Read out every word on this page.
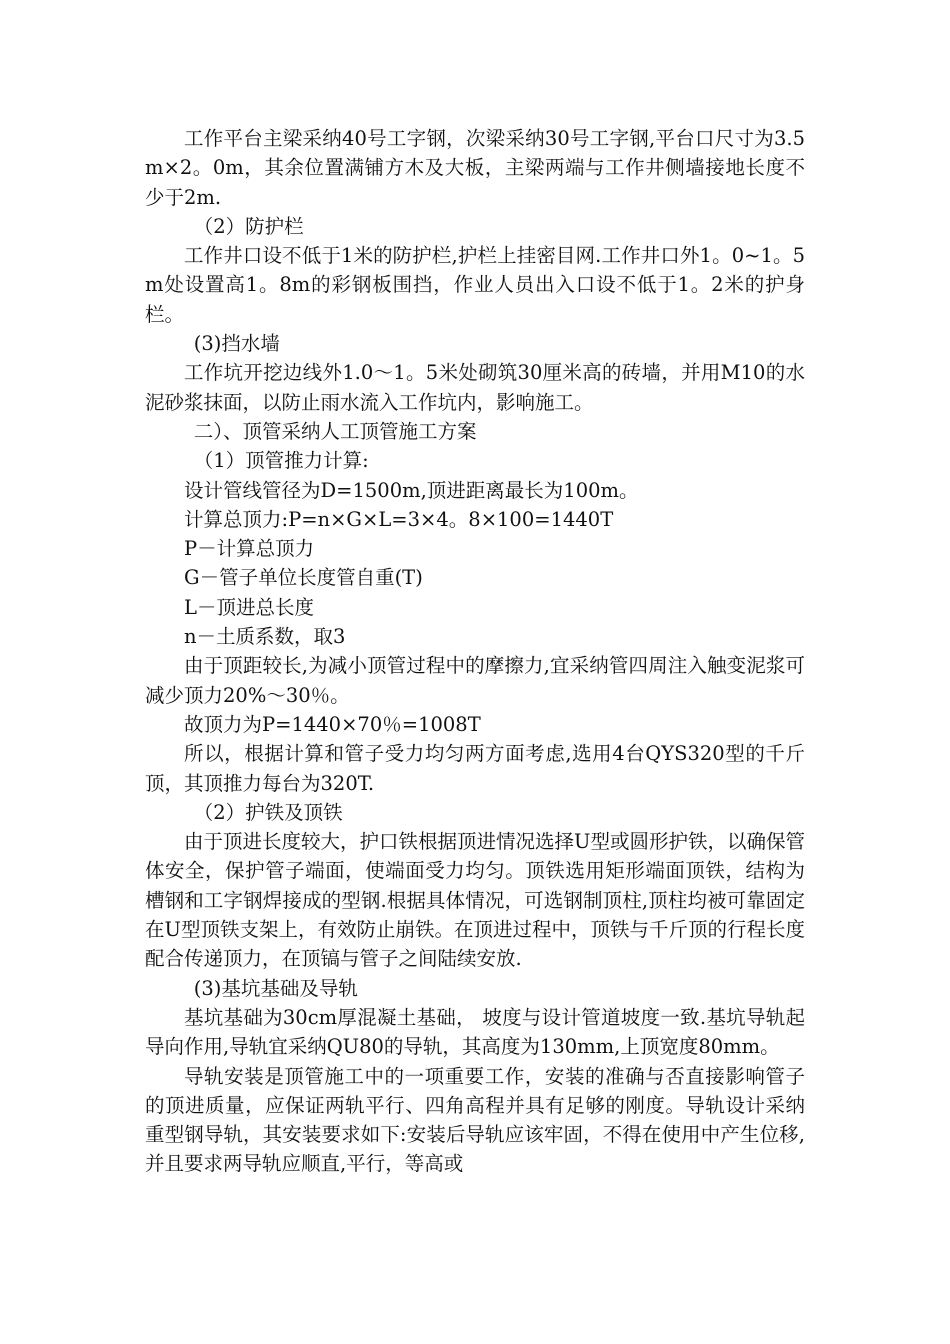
工作平台主梁采纳40号工字钢，次梁采纳30号工字钢,平台口尺寸为3.5m×2。0m，其余位置满铺方木及大板，主梁两端与工作井侧墙接地长度不少于2m.

（2）防护栏

工作井口设不低于1米的防护栏,护栏上挂密目网.工作井口外1。0~1。5m处设置高1。8m的彩钢板围挡，作业人员出入口设不低于1。2米的护身栏。

(3)挡水墙

工作坑开挖边线外1.0～1。5米处砌筑30厘米高的砖墙，并用M10的水泥砂浆抹面，以防止雨水流入工作坑内，影响施工。

二）、顶管采纳人工顶管施工方案

（1）顶管推力计算:

设计管线管径为D=1500m,顶进距离最长为100m。

计算总顶力:P=n×G×L=3×4。8×100=1440T

P－计算总顶力

G－管子单位长度管自重(T)

L－顶进总长度

n－土质系数，取3

由于顶距较长,为减小顶管过程中的摩擦力,宜采纳管四周注入触变泥浆可减少顶力20%～30％。

故顶力为P=1440×70％=1008T

所以，根据计算和管子受力均匀两方面考虑,选用4台QYS320型的千斤顶，其顶推力每台为320T.

（2）护铁及顶铁

由于顶进长度较大，护口铁根据顶进情况选择U型或圆形护铁，以确保管体安全，保护管子端面，使端面受力均匀。顶铁选用矩形端面顶铁，结构为槽钢和工字钢焊接成的型钢.根据具体情况，可选钢制顶柱,顶柱均被可靠固定在U型顶铁支架上，有效防止崩铁。在顶进过程中，顶铁与千斤顶的行程长度配合传递顶力，在顶镐与管子之间陆续安放.

(3)基坑基础及导轨

基坑基础为30cm厚混凝土基础， 坡度与设计管道坡度一致.基坑导轨起导向作用,导轨宜采纳QU80的导轨，其高度为130mm,上顶宽度80mm。

导轨安装是顶管施工中的一项重要工作，安装的准确与否直接影响管子的顶进质量，应保证两轨平行、四角高程并具有足够的刚度。导轨设计采纳重型钢导轨，其安装要求如下:安装后导轨应该牢固，不得在使用中产生位移,并且要求两导轨应顺直,平行，等高或
